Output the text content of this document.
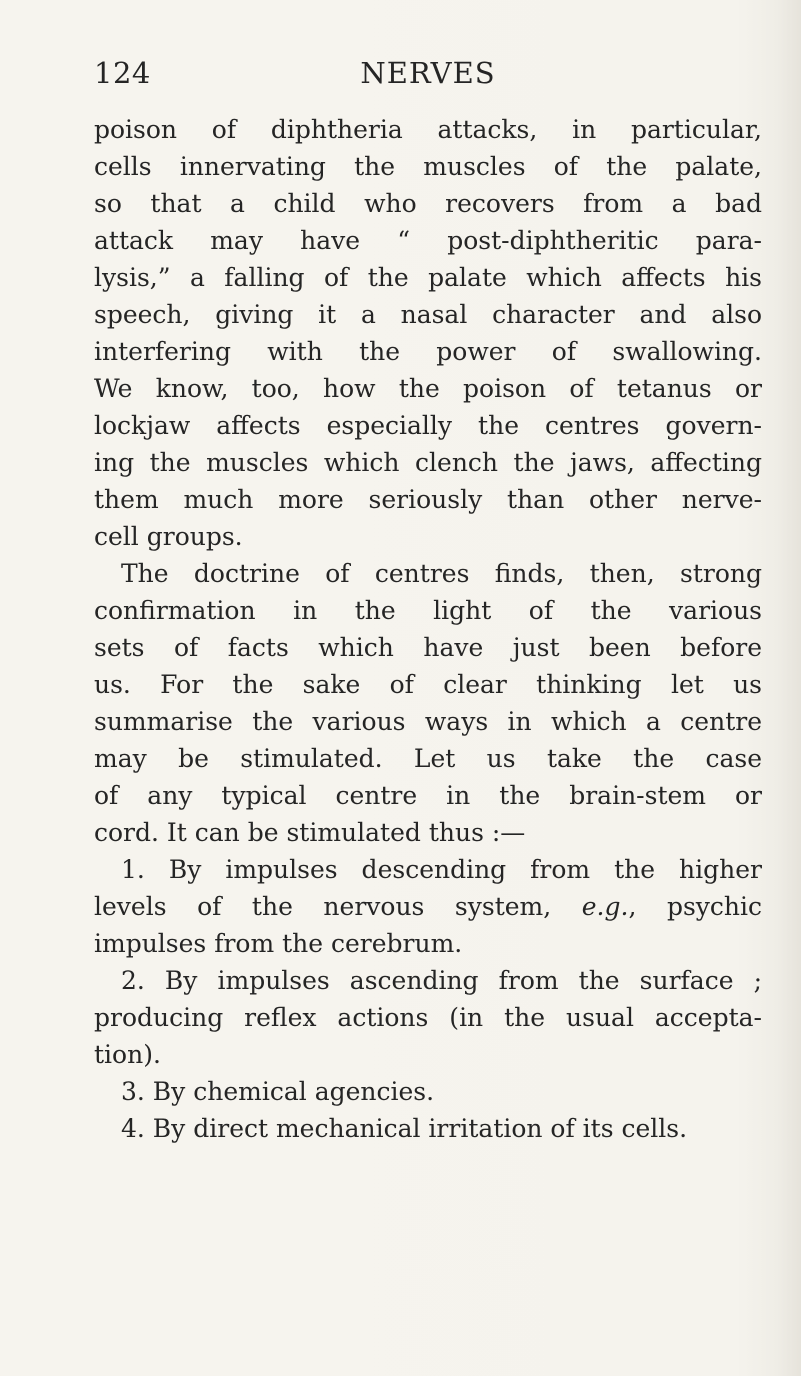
124	NERVES
poison of diphtheria attacks, in particular,
cells innervating the muscles of the palate,
so that a child who recovers from a bad
attack may have “ post-diphtheritic para-
lysis,” a falling of the palate which affects his
speech, giving it a nasal character and also
interfering with the power of swallowing.
We know, too, how the poison of tetanus or
lockjaw affects especially the centres govern-
ing the muscles which clench the jaws, affecting
them much more seriously than other nerve-
cell groups.
The doctrine of centres finds, then, strong
confirmation in the light of the various
sets of facts which have just been before
us. For the sake of clear thinking let us
summarise the various ways in which a centre
may be stimulated. Let us take the case
of any typical centre in the brain-stem or
cord. It can be stimulated thus :—
1. By impulses descending from the higher
levels of the nervous system, e.g., psychic
impulses from the cerebrum.
2. By impulses ascending from the surface ;
producing reflex actions (in the usual accepta-
tion).
3. By chemical agencies.
4. By direct mechanical irritation of its cells.
